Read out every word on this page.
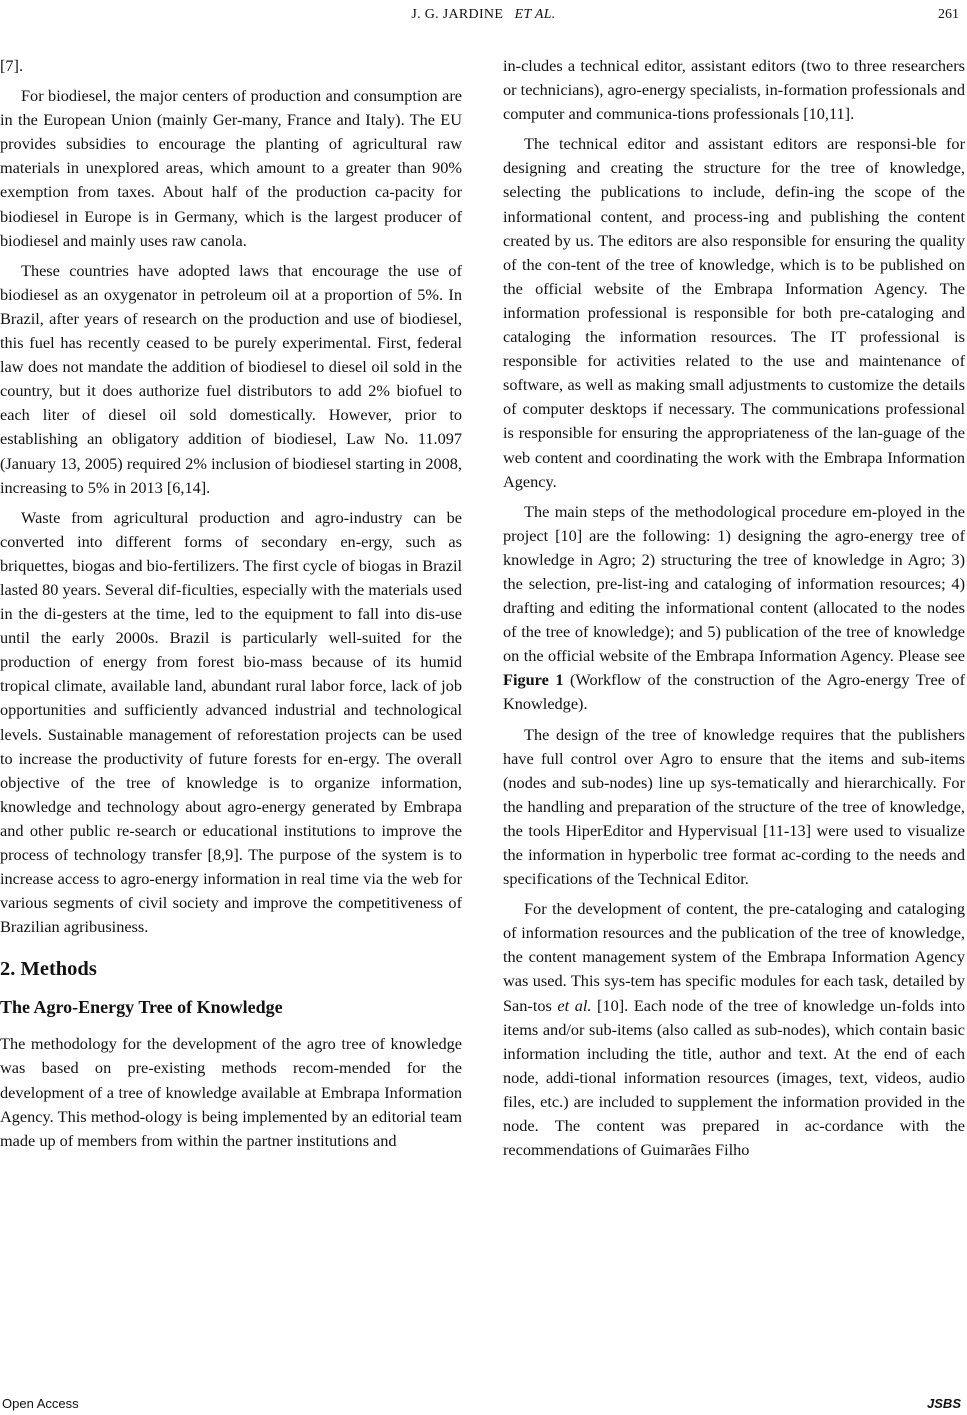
J. G. JARDINE ET AL.	261

[7].

For biodiesel, the major centers of production and consumption are in the European Union (mainly Ger-many, France and Italy). The EU provides subsidies to encourage the planting of agricultural raw materials in unexplored areas, which amount to a greater than 90% exemption from taxes. About half of the production ca-pacity for biodiesel in Europe is in Germany, which is the largest producer of biodiesel and mainly uses raw canola.

These countries have adopted laws that encourage the use of biodiesel as an oxygenator in petroleum oil at a proportion of 5%. In Brazil, after years of research on the production and use of biodiesel, this fuel has recently ceased to be purely experimental. First, federal law does not mandate the addition of biodiesel to diesel oil sold in the country, but it does authorize fuel distributors to add 2% biofuel to each liter of diesel oil sold domestically. However, prior to establishing an obligatory addition of biodiesel, Law No. 11.097 (January 13, 2005) required 2% inclusion of biodiesel starting in 2008, increasing to 5% in 2013 [6,14].

Waste from agricultural production and agro-industry can be converted into different forms of secondary en-ergy, such as briquettes, biogas and bio-fertilizers. The first cycle of biogas in Brazil lasted 80 years. Several dif-ficulties, especially with the materials used in the di-gesters at the time, led to the equipment to fall into dis-use until the early 2000s. Brazil is particularly well-suited for the production of energy from forest bio-mass because of its humid tropical climate, available land, abundant rural labor force, lack of job opportunities and sufficiently advanced industrial and technological levels. Sustainable management of reforestation projects can be used to increase the productivity of future forests for en-ergy. The overall objective of the tree of knowledge is to organize information, knowledge and technology about agro-energy generated by Embrapa and other public re-search or educational institutions to improve the process of technology transfer [8,9]. The purpose of the system is to increase access to agro-energy information in real time via the web for various segments of civil society and improve the competitiveness of Brazilian agribusiness.

2. Methods
The Agro-Energy Tree of Knowledge

The methodology for the development of the agro tree of knowledge was based on pre-existing methods recom-mended for the development of a tree of knowledge available at Embrapa Information Agency. This method-ology is being implemented by an editorial team made up of members from within the partner institutions and

in-cludes a technical editor, assistant editors (two to three researchers or technicians), agro-energy specialists, in-formation professionals and computer and communica-tions professionals [10,11].

The technical editor and assistant editors are responsi-ble for designing and creating the structure for the tree of knowledge, selecting the publications to include, defin-ing the scope of the informational content, and process-ing and publishing the content created by us. The editors are also responsible for ensuring the quality of the con-tent of the tree of knowledge, which is to be published on the official website of the Embrapa Information Agency. The information professional is responsible for both pre-cataloging and cataloging the information resources. The IT professional is responsible for activities related to the use and maintenance of software, as well as making small adjustments to customize the details of computer desktops if necessary. The communications professional is responsible for ensuring the appropriateness of the lan-guage of the web content and coordinating the work with the Embrapa Information Agency.

The main steps of the methodological procedure em-ployed in the project [10] are the following: 1) designing the agro-energy tree of knowledge in Agro; 2) structuring the tree of knowledge in Agro; 3) the selection, pre-list-ing and cataloging of information resources; 4) drafting and editing the informational content (allocated to the nodes of the tree of knowledge); and 5) publication of the tree of knowledge on the official website of the Embrapa Information Agency. Please see Figure 1 (Workflow of the construction of the Agro-energy Tree of Knowledge).

The design of the tree of knowledge requires that the publishers have full control over Agro to ensure that the items and sub-items (nodes and sub-nodes) line up sys-tematically and hierarchically. For the handling and preparation of the structure of the tree of knowledge, the tools HiperEditor and Hypervisual [11-13] were used to visualize the information in hyperbolic tree format ac-cording to the needs and specifications of the Technical Editor.

For the development of content, the pre-cataloging and cataloging of information resources and the publication of the tree of knowledge, the content management system of the Embrapa Information Agency was used. This sys-tem has specific modules for each task, detailed by San-tos et al. [10]. Each node of the tree of knowledge un-folds into items and/or sub-items (also called as sub-nodes), which contain basic information including the title, author and text. At the end of each node, addi-tional information resources (images, text, videos, audio files, etc.) are included to supplement the information provided in the node. The content was prepared in ac-cordance with the recommendations of Guimarães Filho

Open Access	JSBS
